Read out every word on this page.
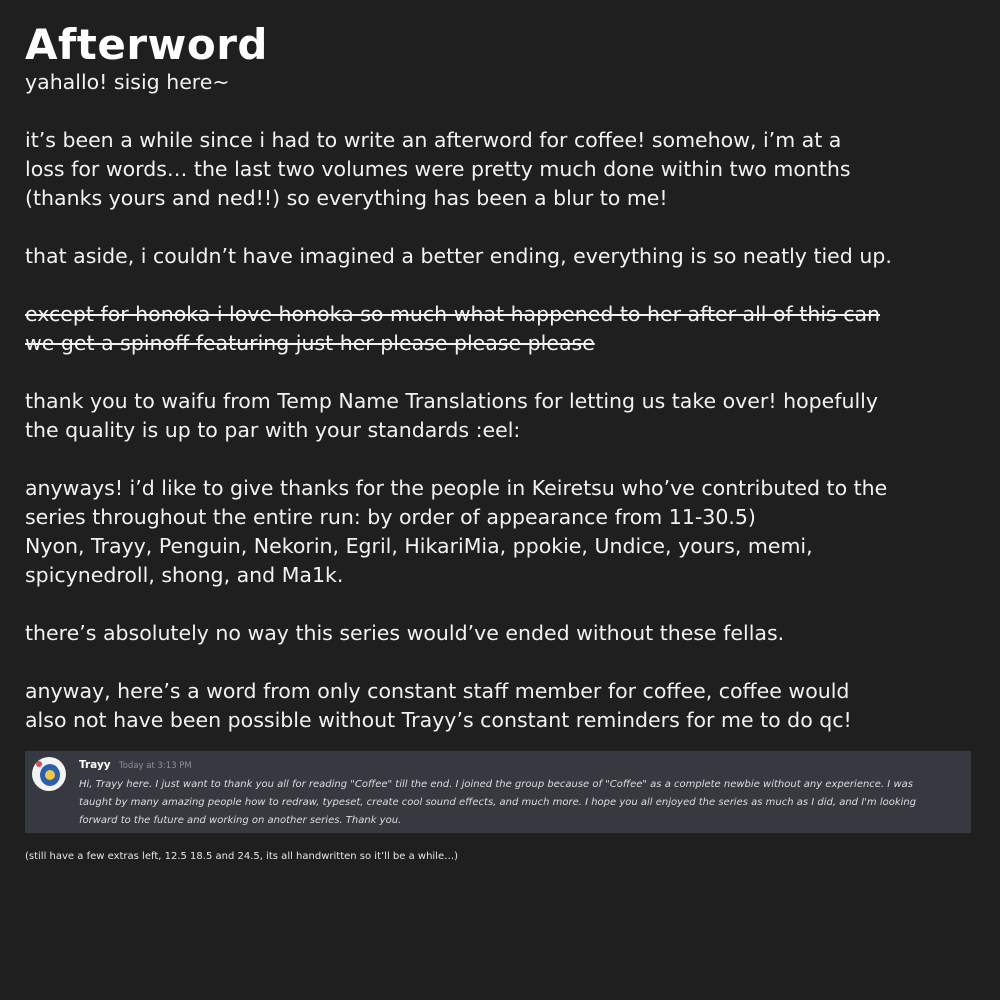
Afterword

yahallo! sisig here~

it’s been a while since i had to write an afterword for coffee! somehow, i’m at a
loss for words… the last two volumes were pretty much done within two months
(thanks yours and ned!!) so everything has been a blur to me!

that aside, i couldn’t have imagined a better ending, everything is so neatly tied up.

except for honoka i love honoka so much what happened to her after all of this can
we get a spinoff featuring just her please please please

thank you to waifu from Temp Name Translations for letting us take over! hopefully
the quality is up to par with your standards :eel:

anyways! i’d like to give thanks for the people in Keiretsu who’ve contributed to the
series throughout the entire run: by order of appearance from 11-30.5)
Nyon, Trayy, Penguin, Nekorin, Egril, HikariMia, ppokie, Undice, yours, memi,
spicynedroll, shong, and Ma1k.

there’s absolutely no way this series would’ve ended without these fellas.

anyway, here’s a word from only constant staff member for coffee, coffee would
also not have been possible without Trayy’s constant reminders for me to do qc!

Trayy Today at 3:13 PM
Hi, Trayy here. I just want to thank you all for reading "Coffee" till the end. I joined the group because of "Coffee" as a complete newbie without any experience. I was
taught by many amazing people how to redraw, typeset, create cool sound effects, and much more. I hope you all enjoyed the series as much as I did, and I'm looking
forward to the future and working on another series. Thank you.
(still have a few extras left, 12.5 18.5 and 24.5, its all handwritten so it’ll be a while…)
